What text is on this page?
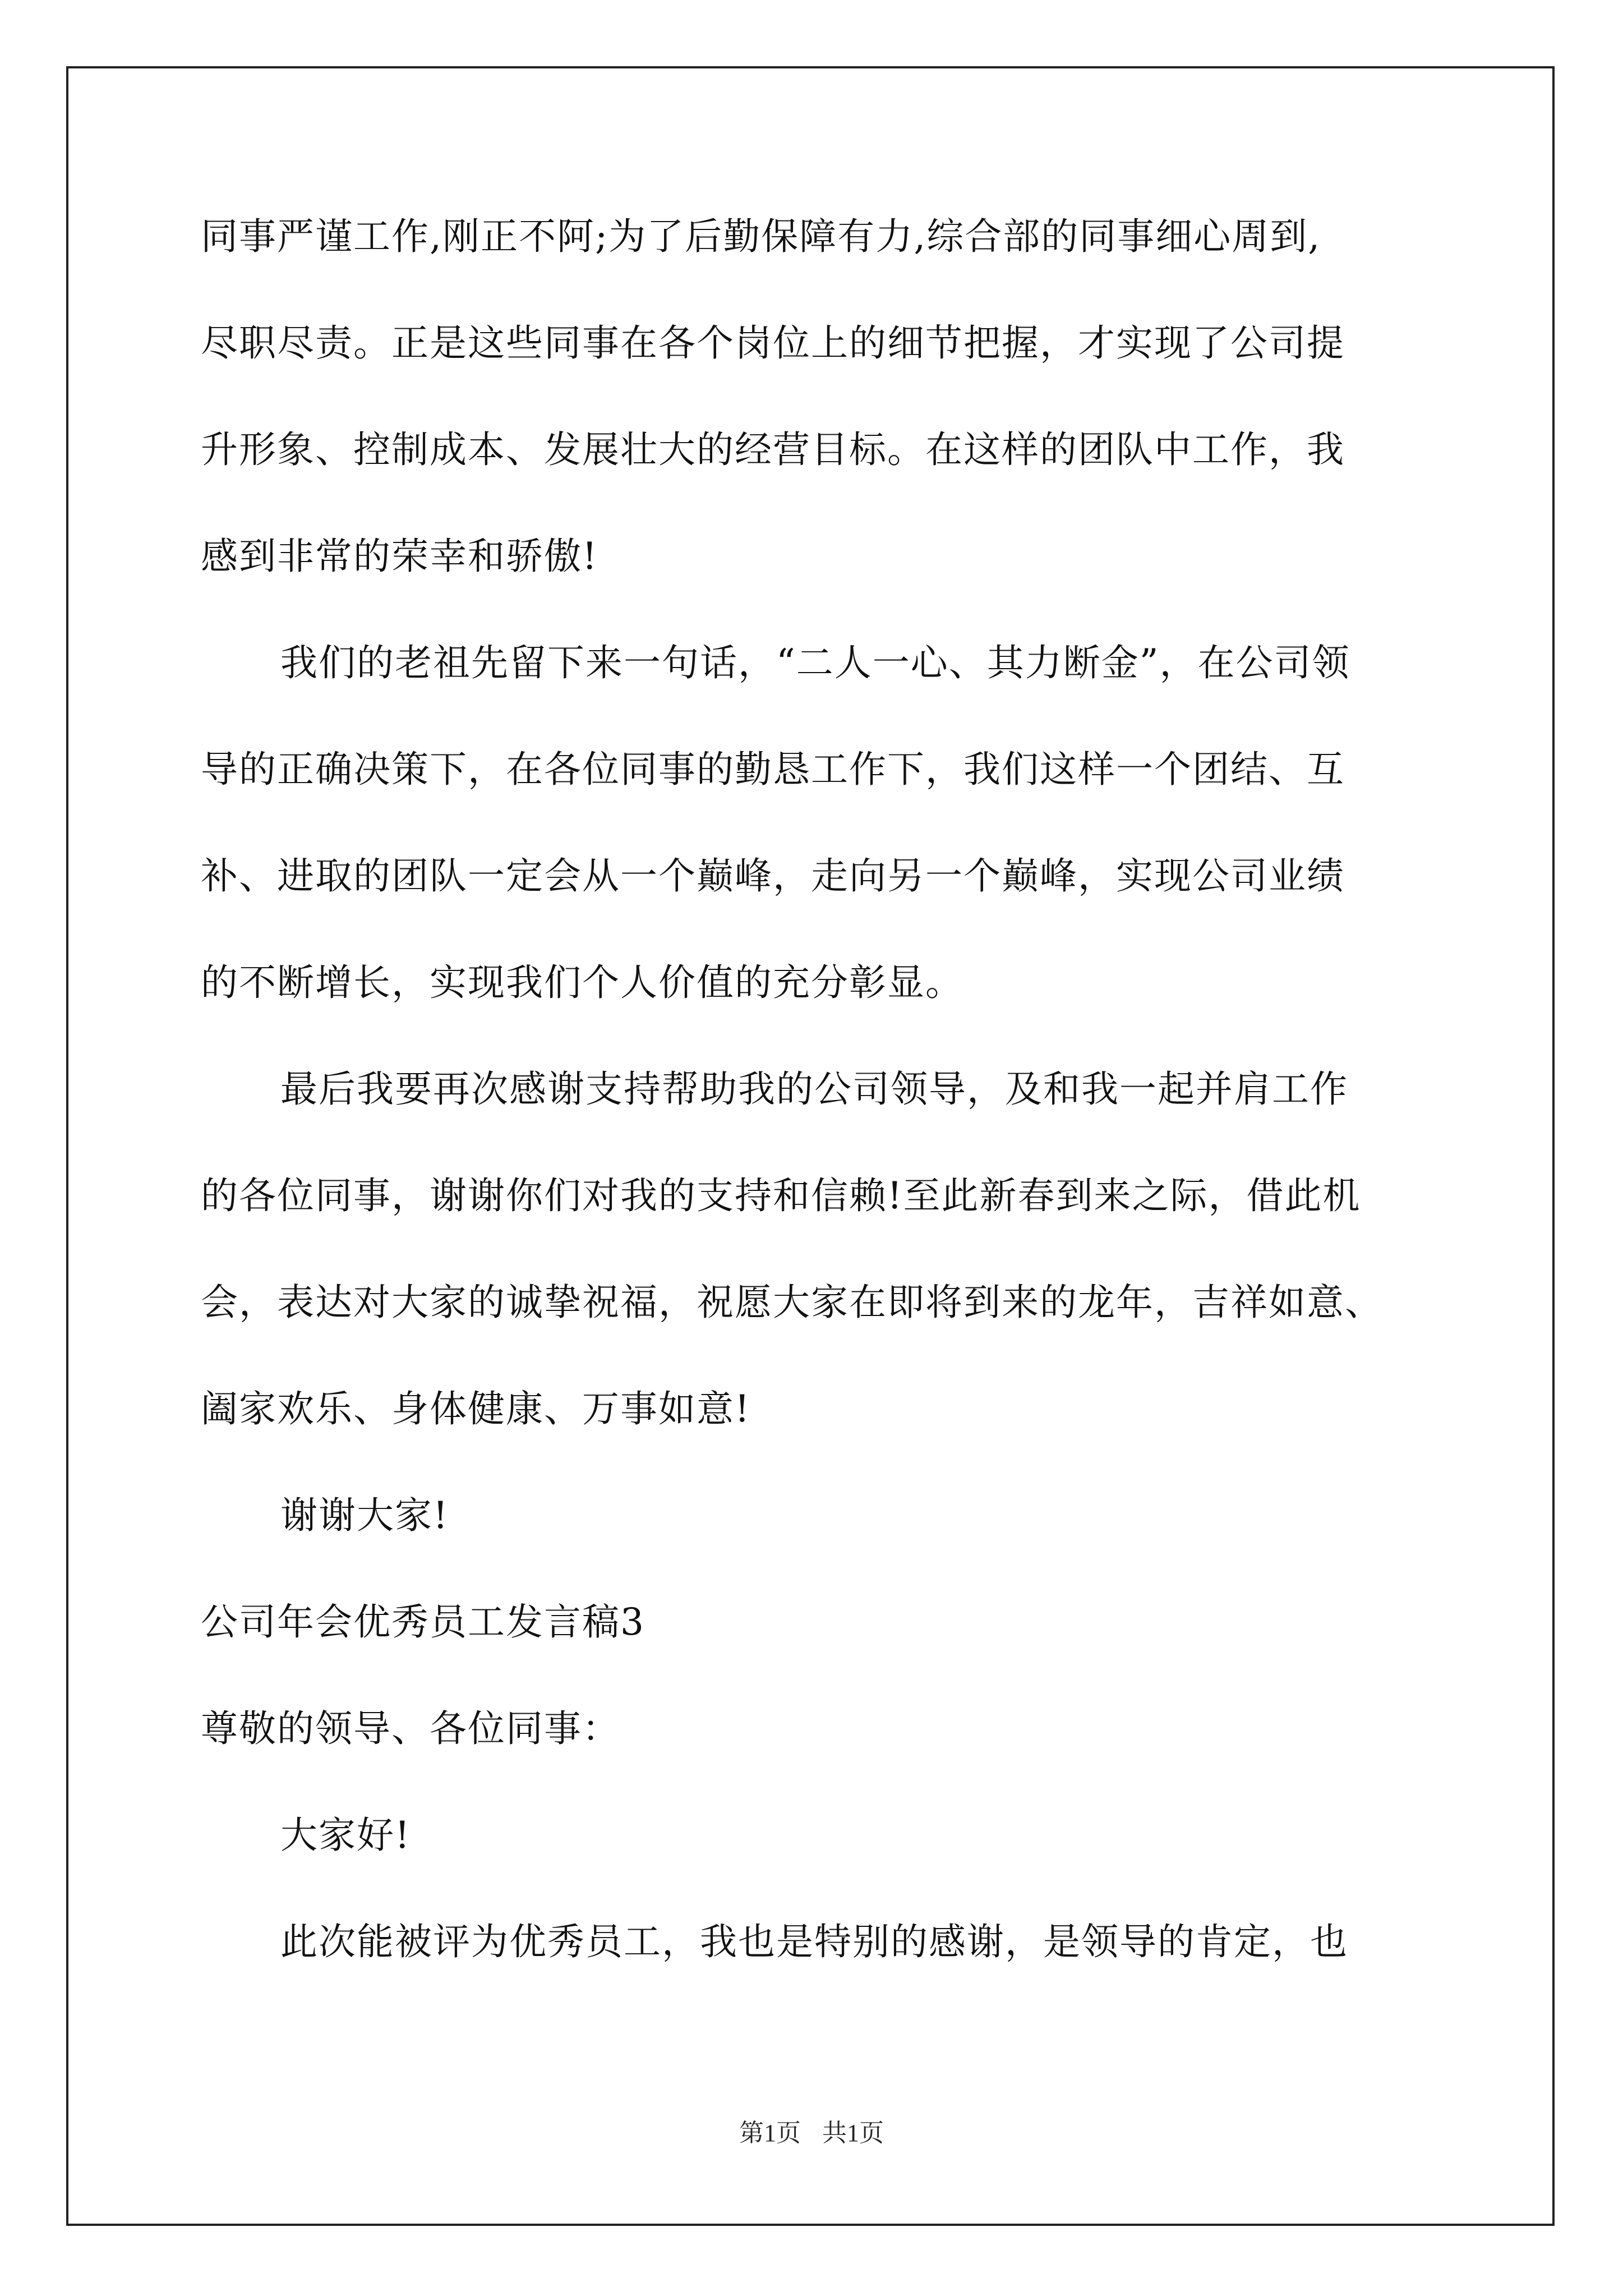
同事严谨工作,刚正不阿;为了后勤保障有力,综合部的同事细心周到,
尽职尽责。正是这些同事在各个岗位上的细节把握，才实现了公司提
升形象、控制成本、发展壮大的经营目标。在这样的团队中工作，我
感到非常的荣幸和骄傲!
我们的老祖先留下来一句话，“二人一心、其力断金”，在公司领
导的正确决策下，在各位同事的勤恳工作下，我们这样一个团结、互
补、进取的团队一定会从一个巅峰，走向另一个巅峰，实现公司业绩
的不断增长，实现我们个人价值的充分彰显。
最后我要再次感谢支持帮助我的公司领导，及和我一起并肩工作
的各位同事，谢谢你们对我的支持和信赖!至此新春到来之际，借此机
会，表达对大家的诚挚祝福，祝愿大家在即将到来的龙年，吉祥如意、
阖家欢乐、身体健康、万事如意!
谢谢大家!
公司年会优秀员工发言稿3
尊敬的领导、各位同事：
大家好!
此次能被评为优秀员工，我也是特别的感谢，是领导的肯定，也
第1页 共1页
